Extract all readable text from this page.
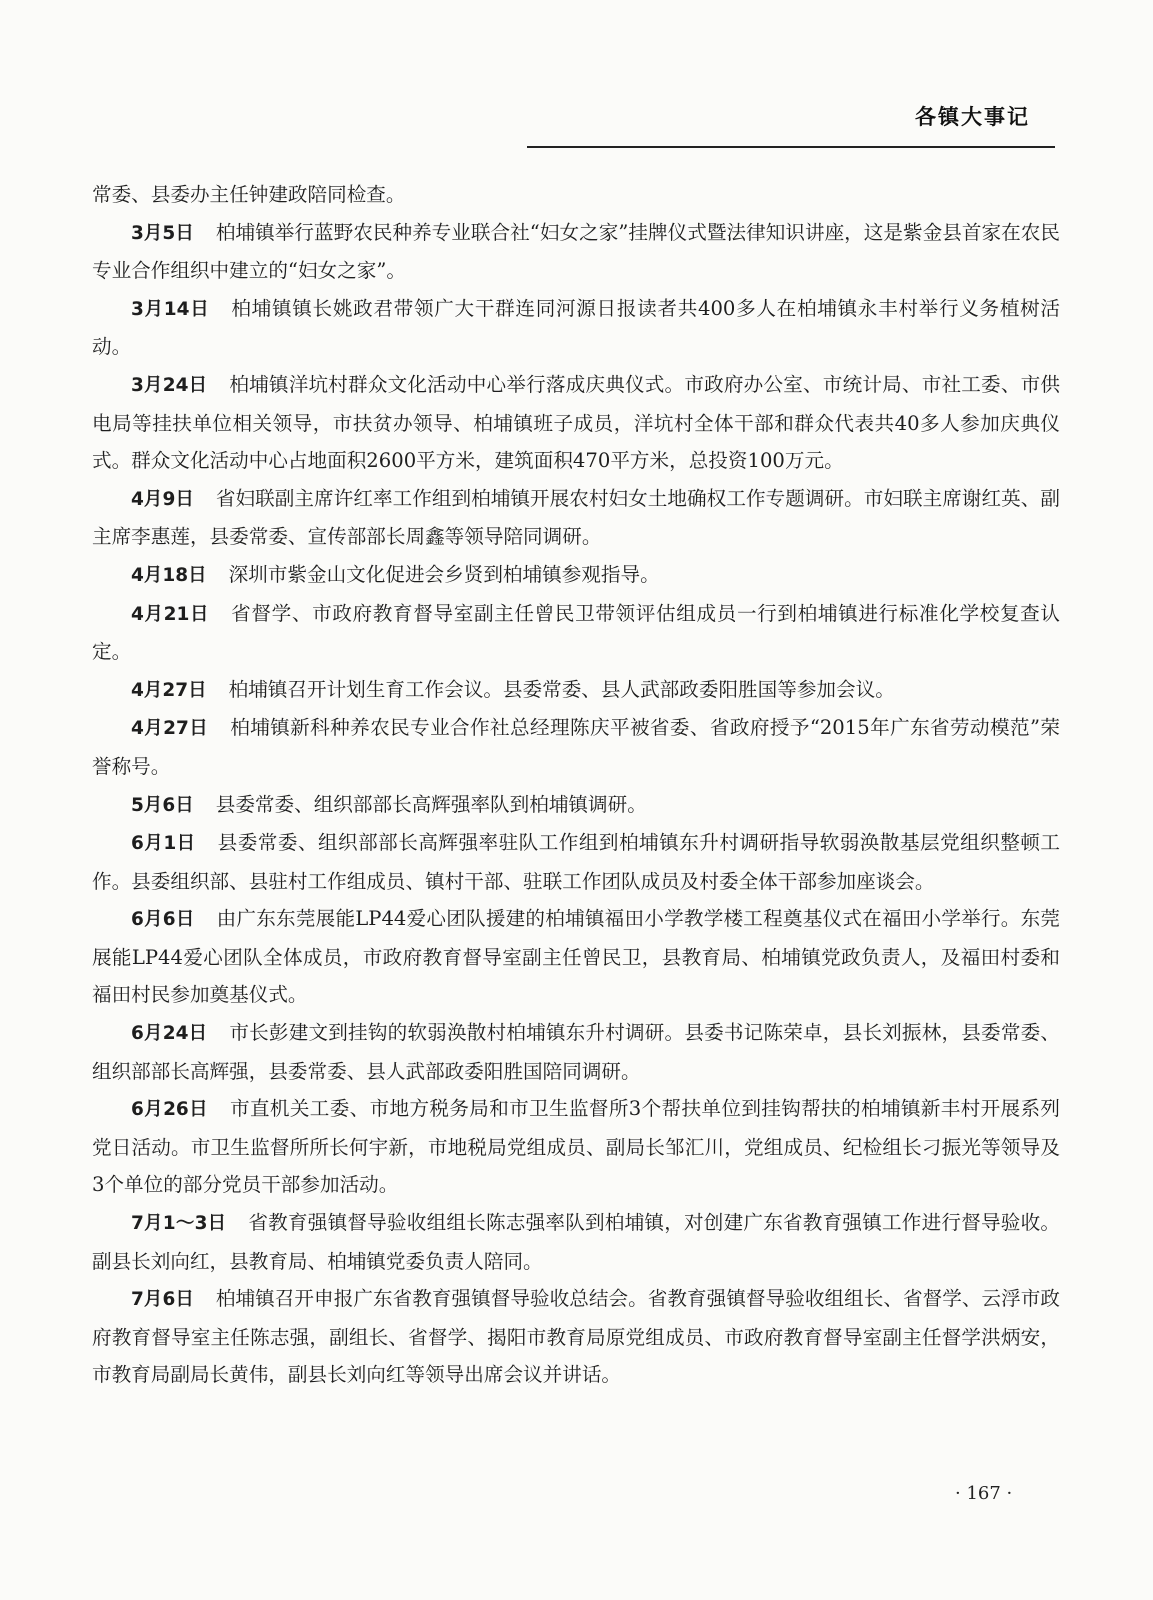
各镇大事记

常委、县委办主任钟建政陪同检查。

3月5日 柏埔镇举行蓝野农民种养专业联合社“妇女之家”挂牌仪式暨法律知识讲座，这是紫金县首家在农民专业合作组织中建立的“妇女之家”。

3月14日 柏埔镇镇长姚政君带领广大干群连同河源日报读者共400多人在柏埔镇永丰村举行义务植树活动。

3月24日 柏埔镇洋坑村群众文化活动中心举行落成庆典仪式。市政府办公室、市统计局、市社工委、市供电局等挂扶单位相关领导，市扶贫办领导、柏埔镇班子成员，洋坑村全体干部和群众代表共40多人参加庆典仪式。群众文化活动中心占地面积2600平方米，建筑面积470平方米，总投资100万元。

4月9日 省妇联副主席许红率工作组到柏埔镇开展农村妇女土地确权工作专题调研。市妇联主席谢红英、副主席李惠莲，县委常委、宣传部部长周鑫等领导陪同调研。

4月18日 深圳市紫金山文化促进会乡贤到柏埔镇参观指导。

4月21日 省督学、市政府教育督导室副主任曾民卫带领评估组成员一行到柏埔镇进行标准化学校复查认定。

4月27日 柏埔镇召开计划生育工作会议。县委常委、县人武部政委阳胜国等参加会议。

4月27日 柏埔镇新科种养农民专业合作社总经理陈庆平被省委、省政府授予“2015年广东省劳动模范”荣誉称号。

5月6日 县委常委、组织部部长高辉强率队到柏埔镇调研。

6月1日 县委常委、组织部部长高辉强率驻队工作组到柏埔镇东升村调研指导软弱涣散基层党组织整顿工作。县委组织部、县驻村工作组成员、镇村干部、驻联工作团队成员及村委全体干部参加座谈会。

6月6日 由广东东莞展能LP44爱心团队援建的柏埔镇福田小学教学楼工程奠基仪式在福田小学举行。东莞展能LP44爱心团队全体成员，市政府教育督导室副主任曾民卫，县教育局、柏埔镇党政负责人，及福田村委和福田村民参加奠基仪式。

6月24日 市长彭建文到挂钩的软弱涣散村柏埔镇东升村调研。县委书记陈荣卓，县长刘振林，县委常委、组织部部长高辉强，县委常委、县人武部政委阳胜国陪同调研。

6月26日 市直机关工委、市地方税务局和市卫生监督所3个帮扶单位到挂钩帮扶的柏埔镇新丰村开展系列党日活动。市卫生监督所所长何宇新，市地税局党组成员、副局长邹汇川，党组成员、纪检组长刁振光等领导及3个单位的部分党员干部参加活动。

7月1～3日 省教育强镇督导验收组组长陈志强率队到柏埔镇，对创建广东省教育强镇工作进行督导验收。副县长刘向红，县教育局、柏埔镇党委负责人陪同。

7月6日 柏埔镇召开申报广东省教育强镇督导验收总结会。省教育强镇督导验收组组长、省督学、云浮市政府教育督导室主任陈志强，副组长、省督学、揭阳市教育局原党组成员、市政府教育督导室副主任督学洪炳安，市教育局副局长黄伟，副县长刘向红等领导出席会议并讲话。

· 167 ·
